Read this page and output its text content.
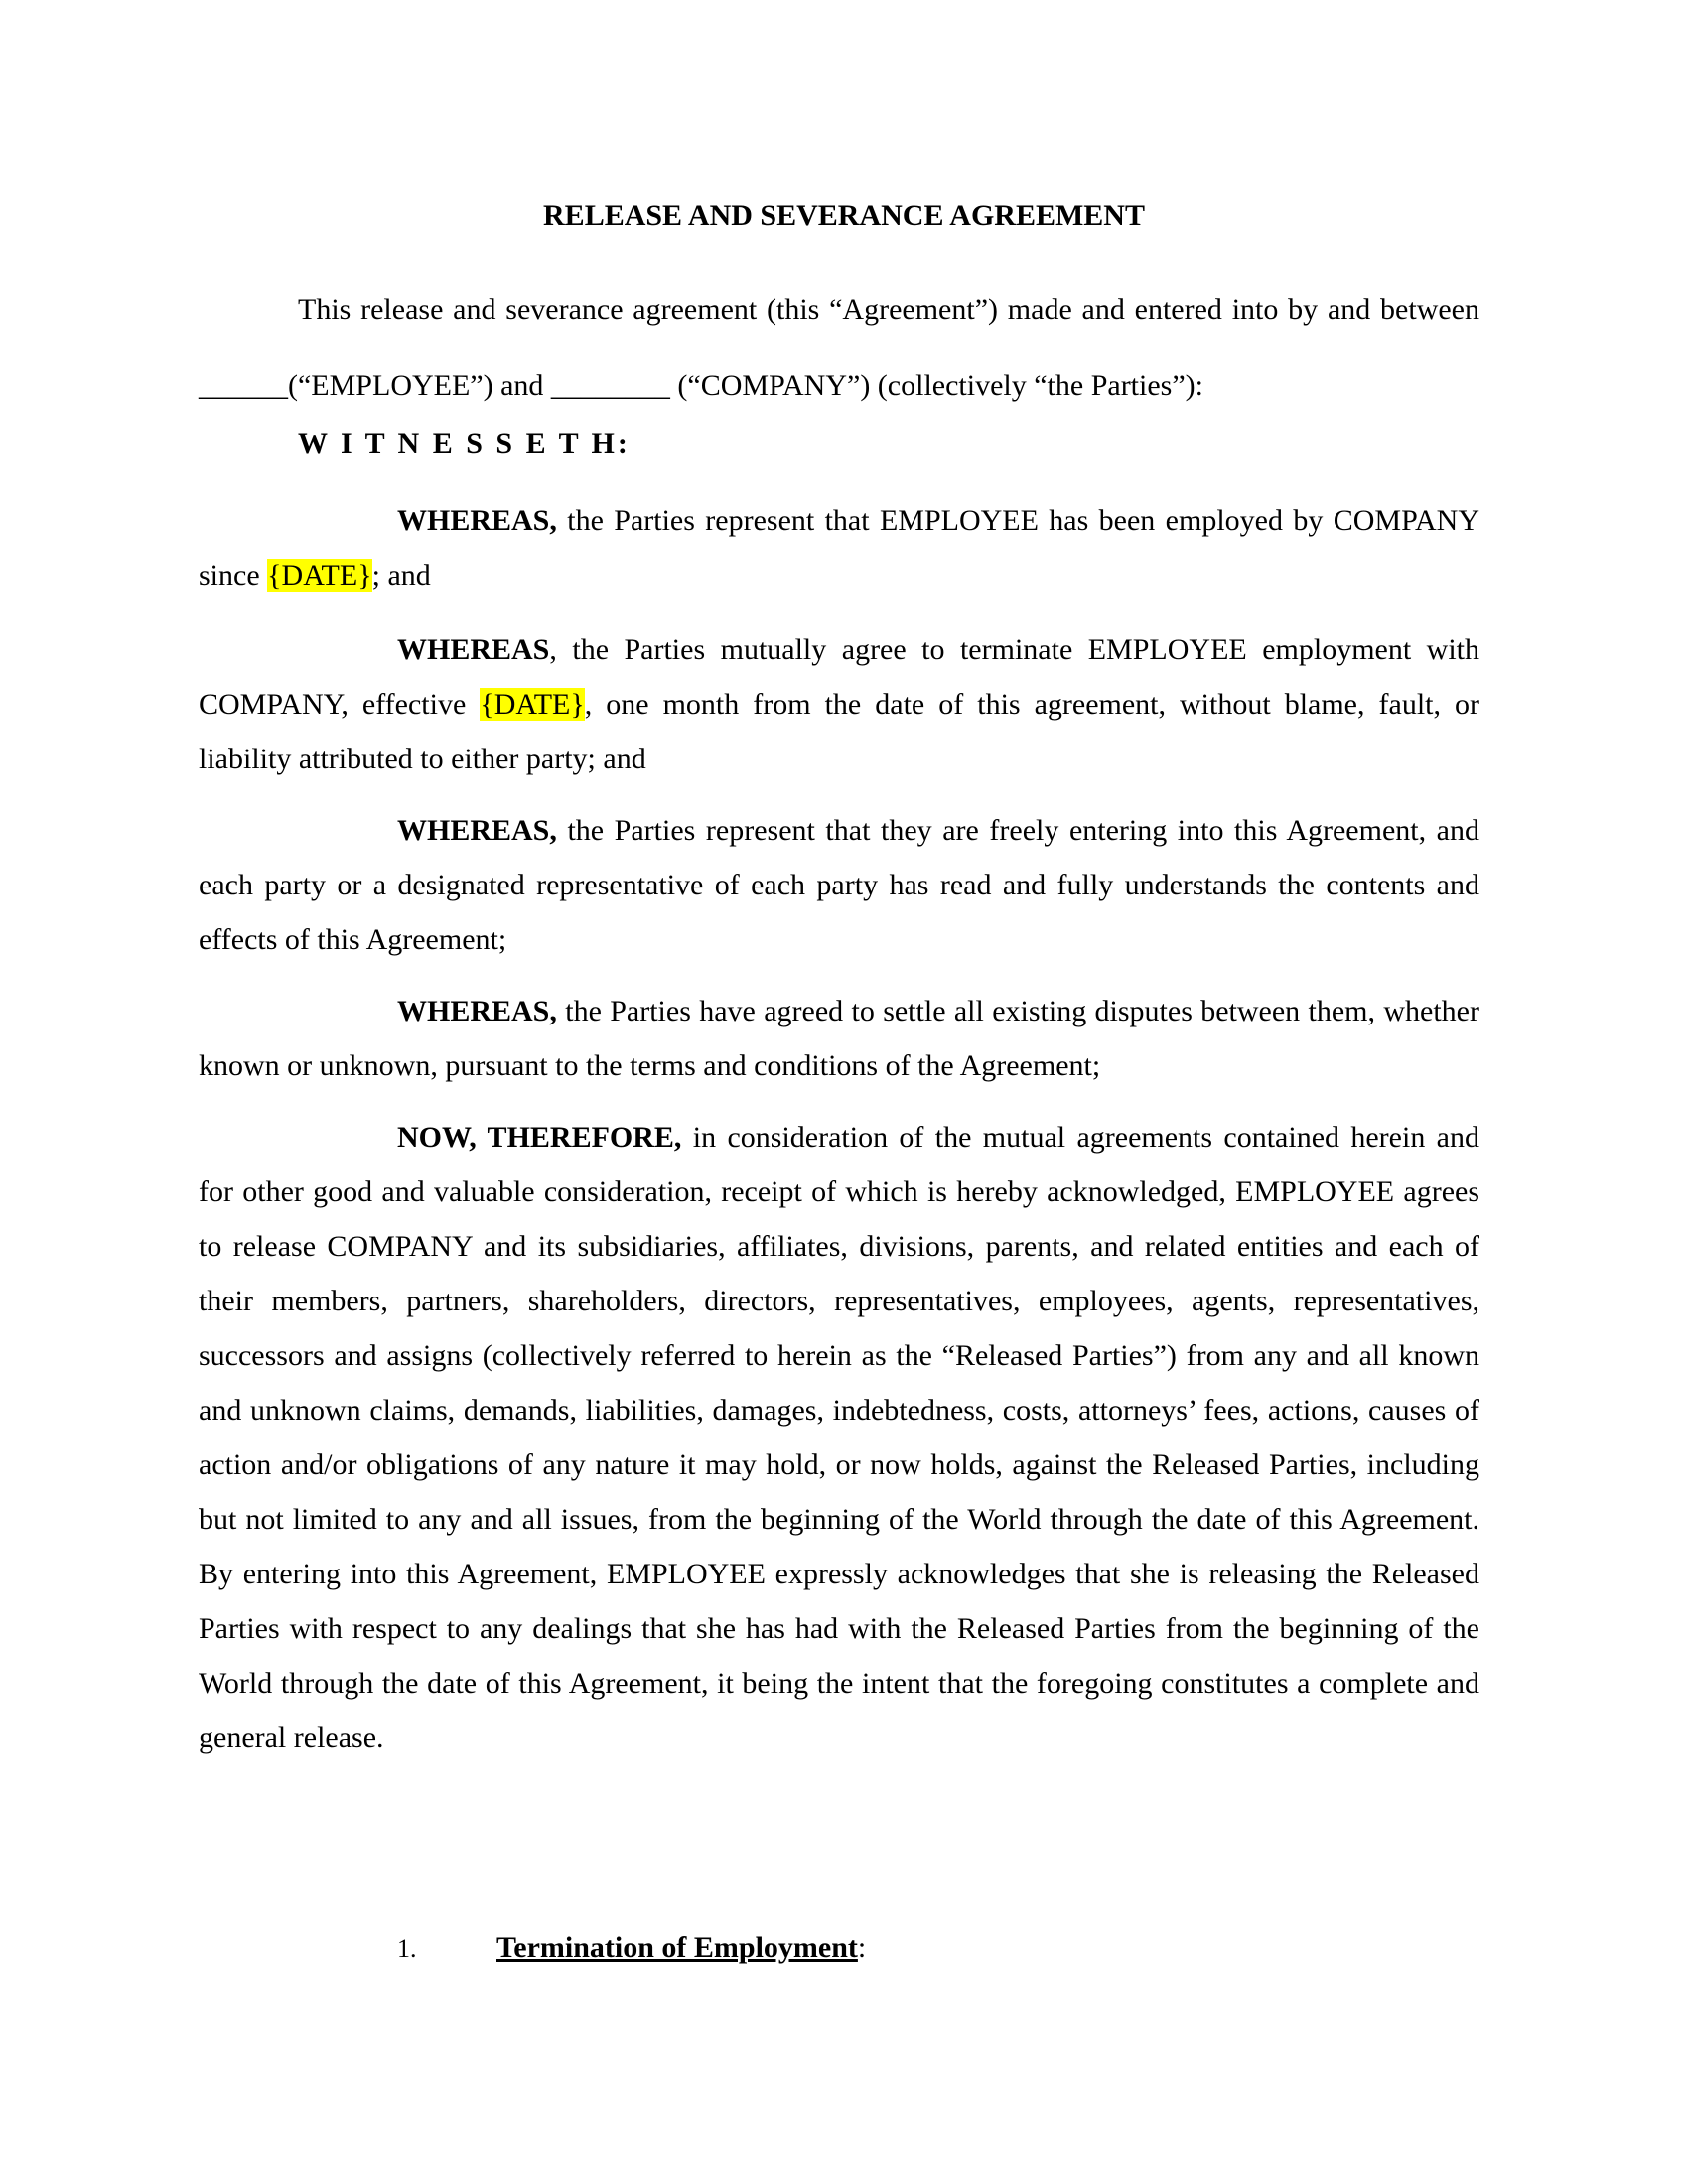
RELEASE AND SEVERANCE AGREEMENT
This release and severance agreement (this “Agreement”) made and entered into by and between ______(“EMPLOYEE”) and ________ (“COMPANY”) (collectively “the Parties”):
W I T N E S S E T H:
WHEREAS, the Parties represent that EMPLOYEE has been employed by COMPANY since {DATE}; and
WHEREAS, the Parties mutually agree to terminate EMPLOYEE employment with COMPANY, effective {DATE}, one month from the date of this agreement, without blame, fault, or liability attributed to either party; and
WHEREAS, the Parties represent that they are freely entering into this Agreement, and each party or a designated representative of each party has read and fully understands the contents and effects of this Agreement;
WHEREAS, the Parties have agreed to settle all existing disputes between them, whether known or unknown, pursuant to the terms and conditions of the Agreement;
NOW, THEREFORE, in consideration of the mutual agreements contained herein and for other good and valuable consideration, receipt of which is hereby acknowledged, EMPLOYEE agrees to release COMPANY and its subsidiaries, affiliates, divisions, parents, and related entities and each of their members, partners, shareholders, directors, representatives, employees, agents, representatives, successors and assigns (collectively referred to herein as the “Released Parties”) from any and all known and unknown claims, demands, liabilities, damages, indebtedness, costs, attorneys’ fees, actions, causes of action and/or obligations of any nature it may hold, or now holds, against the Released Parties, including but not limited to any and all issues, from the beginning of the World through the date of this Agreement. By entering into this Agreement, EMPLOYEE expressly acknowledges that she is releasing the Released Parties with respect to any dealings that she has had with the Released Parties from the beginning of the World through the date of this Agreement, it being the intent that the foregoing constitutes a complete and general release.
1.	Termination of Employment:
